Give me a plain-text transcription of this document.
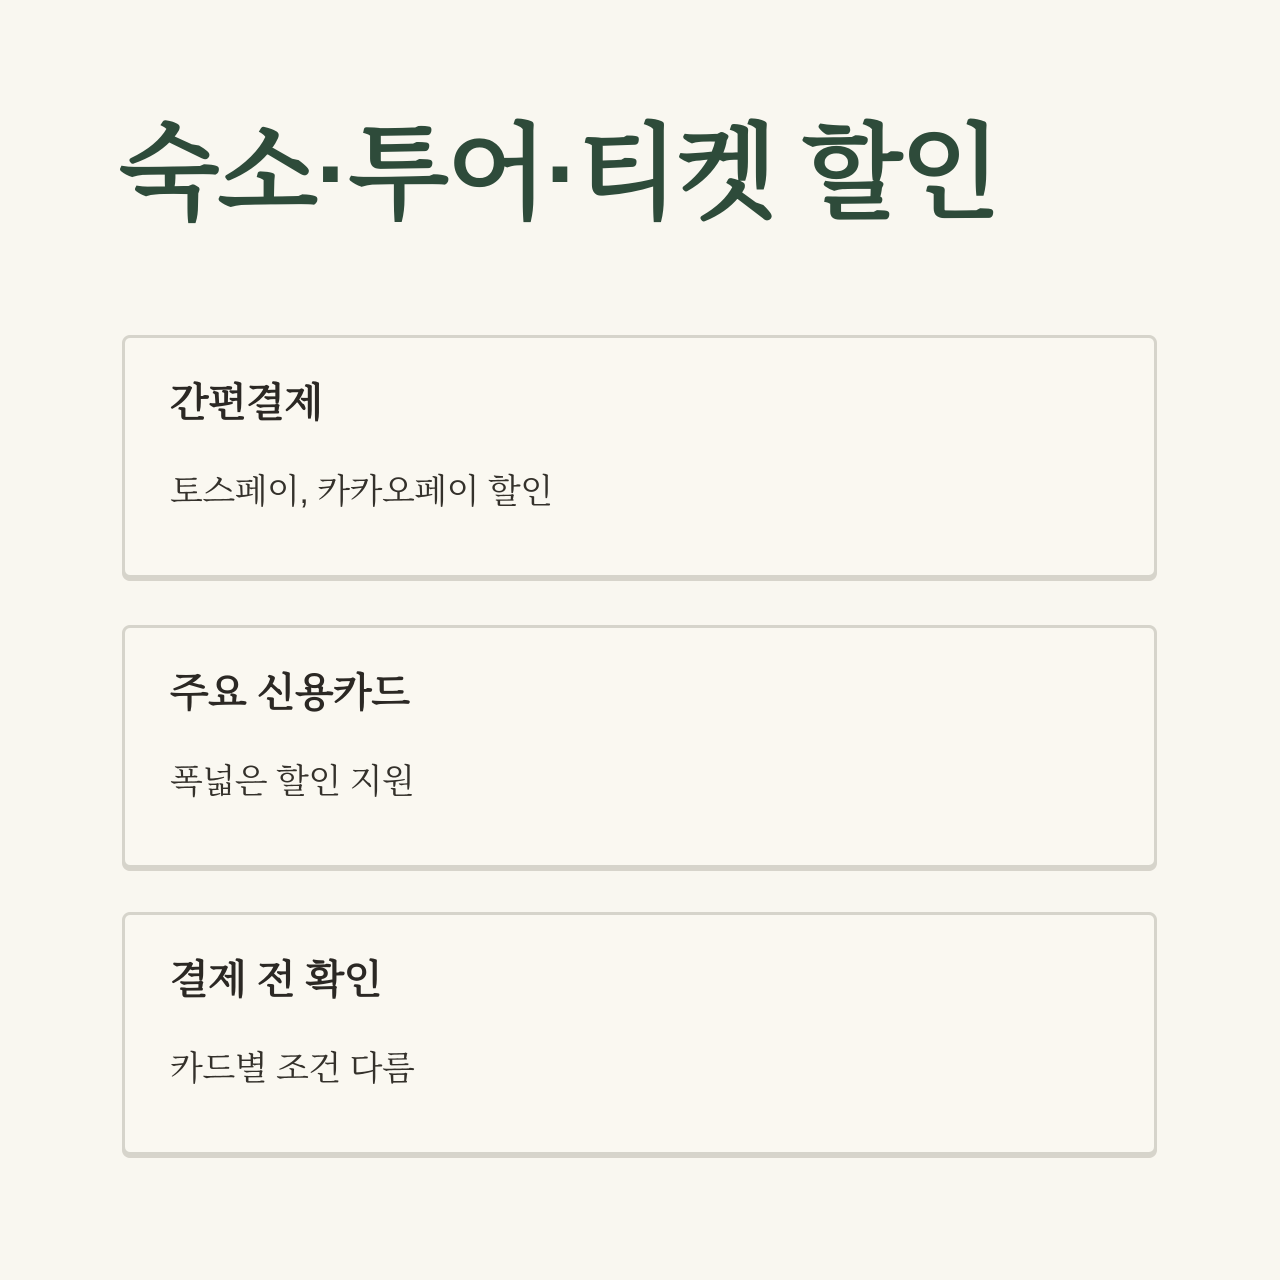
숙소·투어·티켓 할인
간편결제

토스페이, 카카오페이 할인

주요 신용카드

폭넓은 할인 지원

결제 전 확인

카드별 조건 다름
